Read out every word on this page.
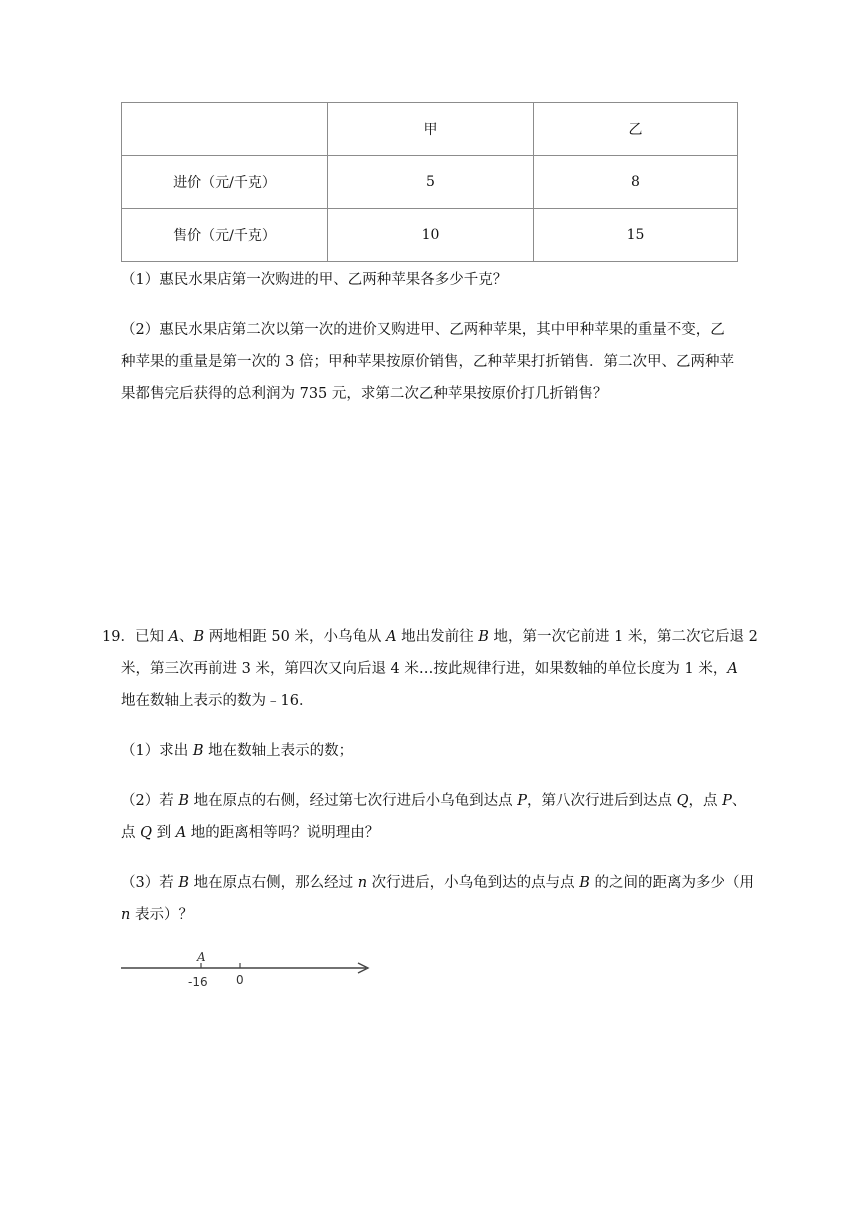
	甲	乙
进价（元/千克）	5	8
售价（元/千克）	10	15
（1）惠民水果店第一次购进的甲、乙两种苹果各多少千克？
（2）惠民水果店第二次以第一次的进价又购进甲、乙两种苹果，其中甲种苹果的重量不变，乙
种苹果的重量是第一次的 3 倍；甲种苹果按原价销售，乙种苹果打折销售．第二次甲、乙两种苹
果都售完后获得的总利润为 735 元，求第二次乙种苹果按原价打几折销售？
19．已知 A、B 两地相距 50 米，小乌龟从 A 地出发前往 B 地，第一次它前进 1 米，第二次它后退 2
米，第三次再前进 3 米，第四次又向后退 4 米…按此规律行进，如果数轴的单位长度为 1 米，A
地在数轴上表示的数为﹣16．
（1）求出 B 地在数轴上表示的数；
（2）若 B 地在原点的右侧，经过第七次行进后小乌龟到达点 P，第八次行进后到达点 Q，点 P、
点 Q 到 A 地的距离相等吗？说明理由？
（3）若 B 地在原点右侧，那么经过 n 次行进后，小乌龟到达的点与点 B 的之间的距离为多少（用
n 表示）？
A
-16 0
